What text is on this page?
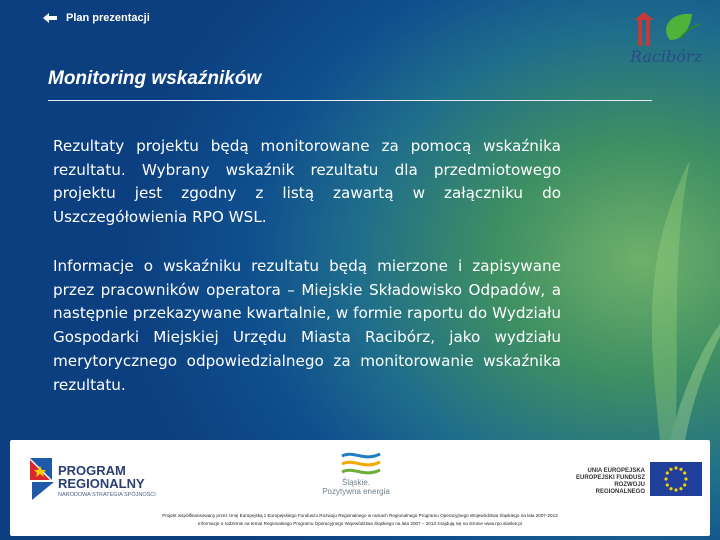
Plan prezentacji
Racibórz
Monitoring wskaźników

Rezultaty projektu będą monitorowane za pomocą wskaźnika rezultatu. Wybrany wskaźnik rezultatu dla przedmiotowego projektu jest zgodny z listą zawartą w załączniku do Uszczegółowienia RPO WSL.

Informacje o wskaźniku rezultatu będą mierzone i zapisywane przez pracowników operatora – Miejskie Składowisko Odpadów, a następnie przekazywane kwartalnie, w formie raportu do Wydziału Gospodarki Miejskiej Urzędu Miasta Racibórz, jako wydziału merytorycznego odpowiedzialnego za monitorowanie wskaźnika rezultatu.

PROGRAM
REGIONALNY
NARODOWA STRATEGIA SPÓJNOŚCI
Śląskie.
Pozytywna energia
UNIA EUROPEJSKA
EUROPEJSKI FUNDUSZ
ROZWOJU REGIONALNEGO
Projekt współfinansowany przez Unię Europejską z Europejskiego Funduszu Rozwoju Regionalnego w ramach Regionalnego Programu Operacyjnego Województwa Śląskiego na lata 2007-2013
Informacje o rodzinnie na temat Regionalnego Programu Operacyjnego Województwa Śląskiego na lata 2007 – 2013 znajdują się na stronie www.rpo.slaskie.pl
